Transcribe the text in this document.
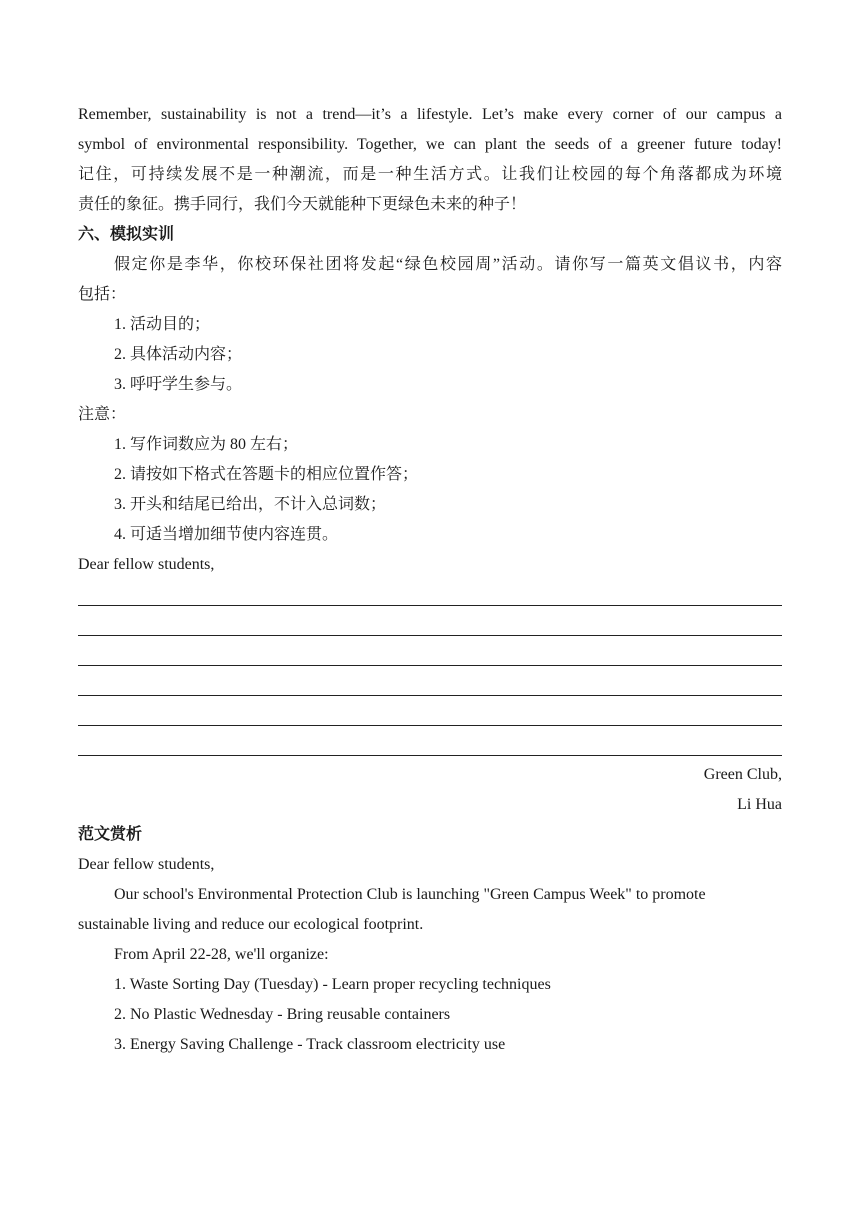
Remember, sustainability is not a trend—it’s a lifestyle. Let’s make every corner of our campus a
symbol of environmental responsibility. Together, we can plant the seeds of a greener future today!
记住，可持续发展不是一种潮流，而是一种生活方式。让我们让校园的每个角落都成为环境
责任的象征。携手同行，我们今天就能种下更绿色未来的种子！
六、模拟实训
假定你是李华，你校环保社团将发起“绿色校园周”活动。请你写一篇英文倡议书，内容
包括：
1. 活动目的；
2. 具体活动内容；
3. 呼吁学生参与。
注意：
1. 写作词数应为 80 左右；
2. 请按如下格式在答题卡的相应位置作答；
3. 开头和结尾已给出，不计入总词数；
4. 可适当增加细节使内容连贯。
Dear fellow students,
Green Club,
Li Hua
范文赏析
Dear fellow students,
Our school's Environmental Protection Club is launching "Green Campus Week" to promote
sustainable living and reduce our ecological footprint.
From April 22-28, we'll organize:
1. Waste Sorting Day (Tuesday) - Learn proper recycling techniques
2. No Plastic Wednesday - Bring reusable containers
3. Energy Saving Challenge - Track classroom electricity use
